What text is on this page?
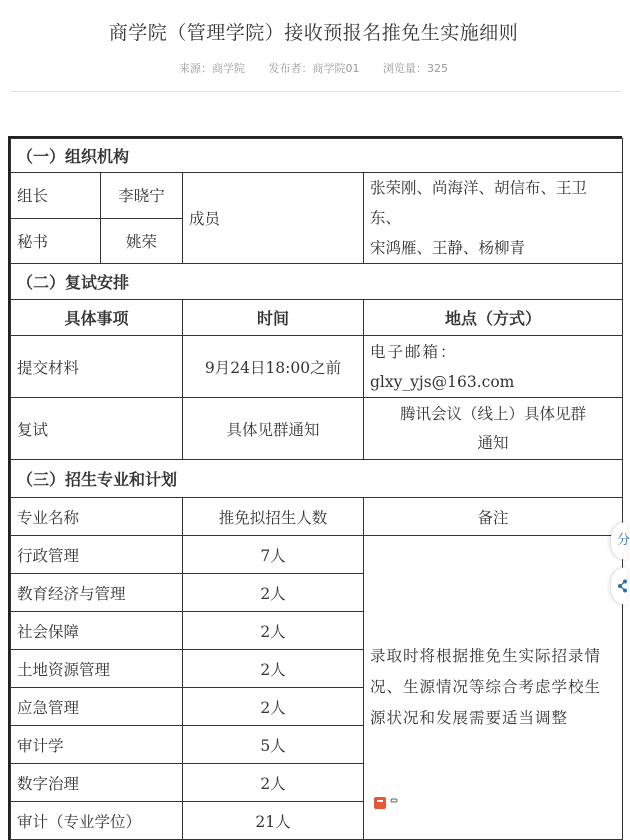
商学院（管理学院）接收预报名推免生实施细则
来源：商学院 发布者：商学院01 浏览量：325
（一）组织机构			
组长	李晓宁	成员	张荣刚、尚海洋、胡信布、王卫东、
宋鸿雁、王静、杨柳青

秘书	姚荣		
（二）复试安排			
具体事项		时间	地点（方式）
提交材料		9月24日18:00之前	电子邮箱：
glxy_yjs@163.com

复试		具体见群通知	腾讯会议（线上）具体见群
通知

（三）招生专业和计划			
专业名称		推免拟招生人数	备注
行政管理		7人	录取时将根据推免生实际招录情况、生源情况等综合考虑学校生源状况和发展需要适当调整
教育经济与管理		2人	
社会保障		2人	
土地资源管理		2人	
应急管理		2人	
审计学		5人	
数字治理		2人	
审计（专业学位）		21人	
分
